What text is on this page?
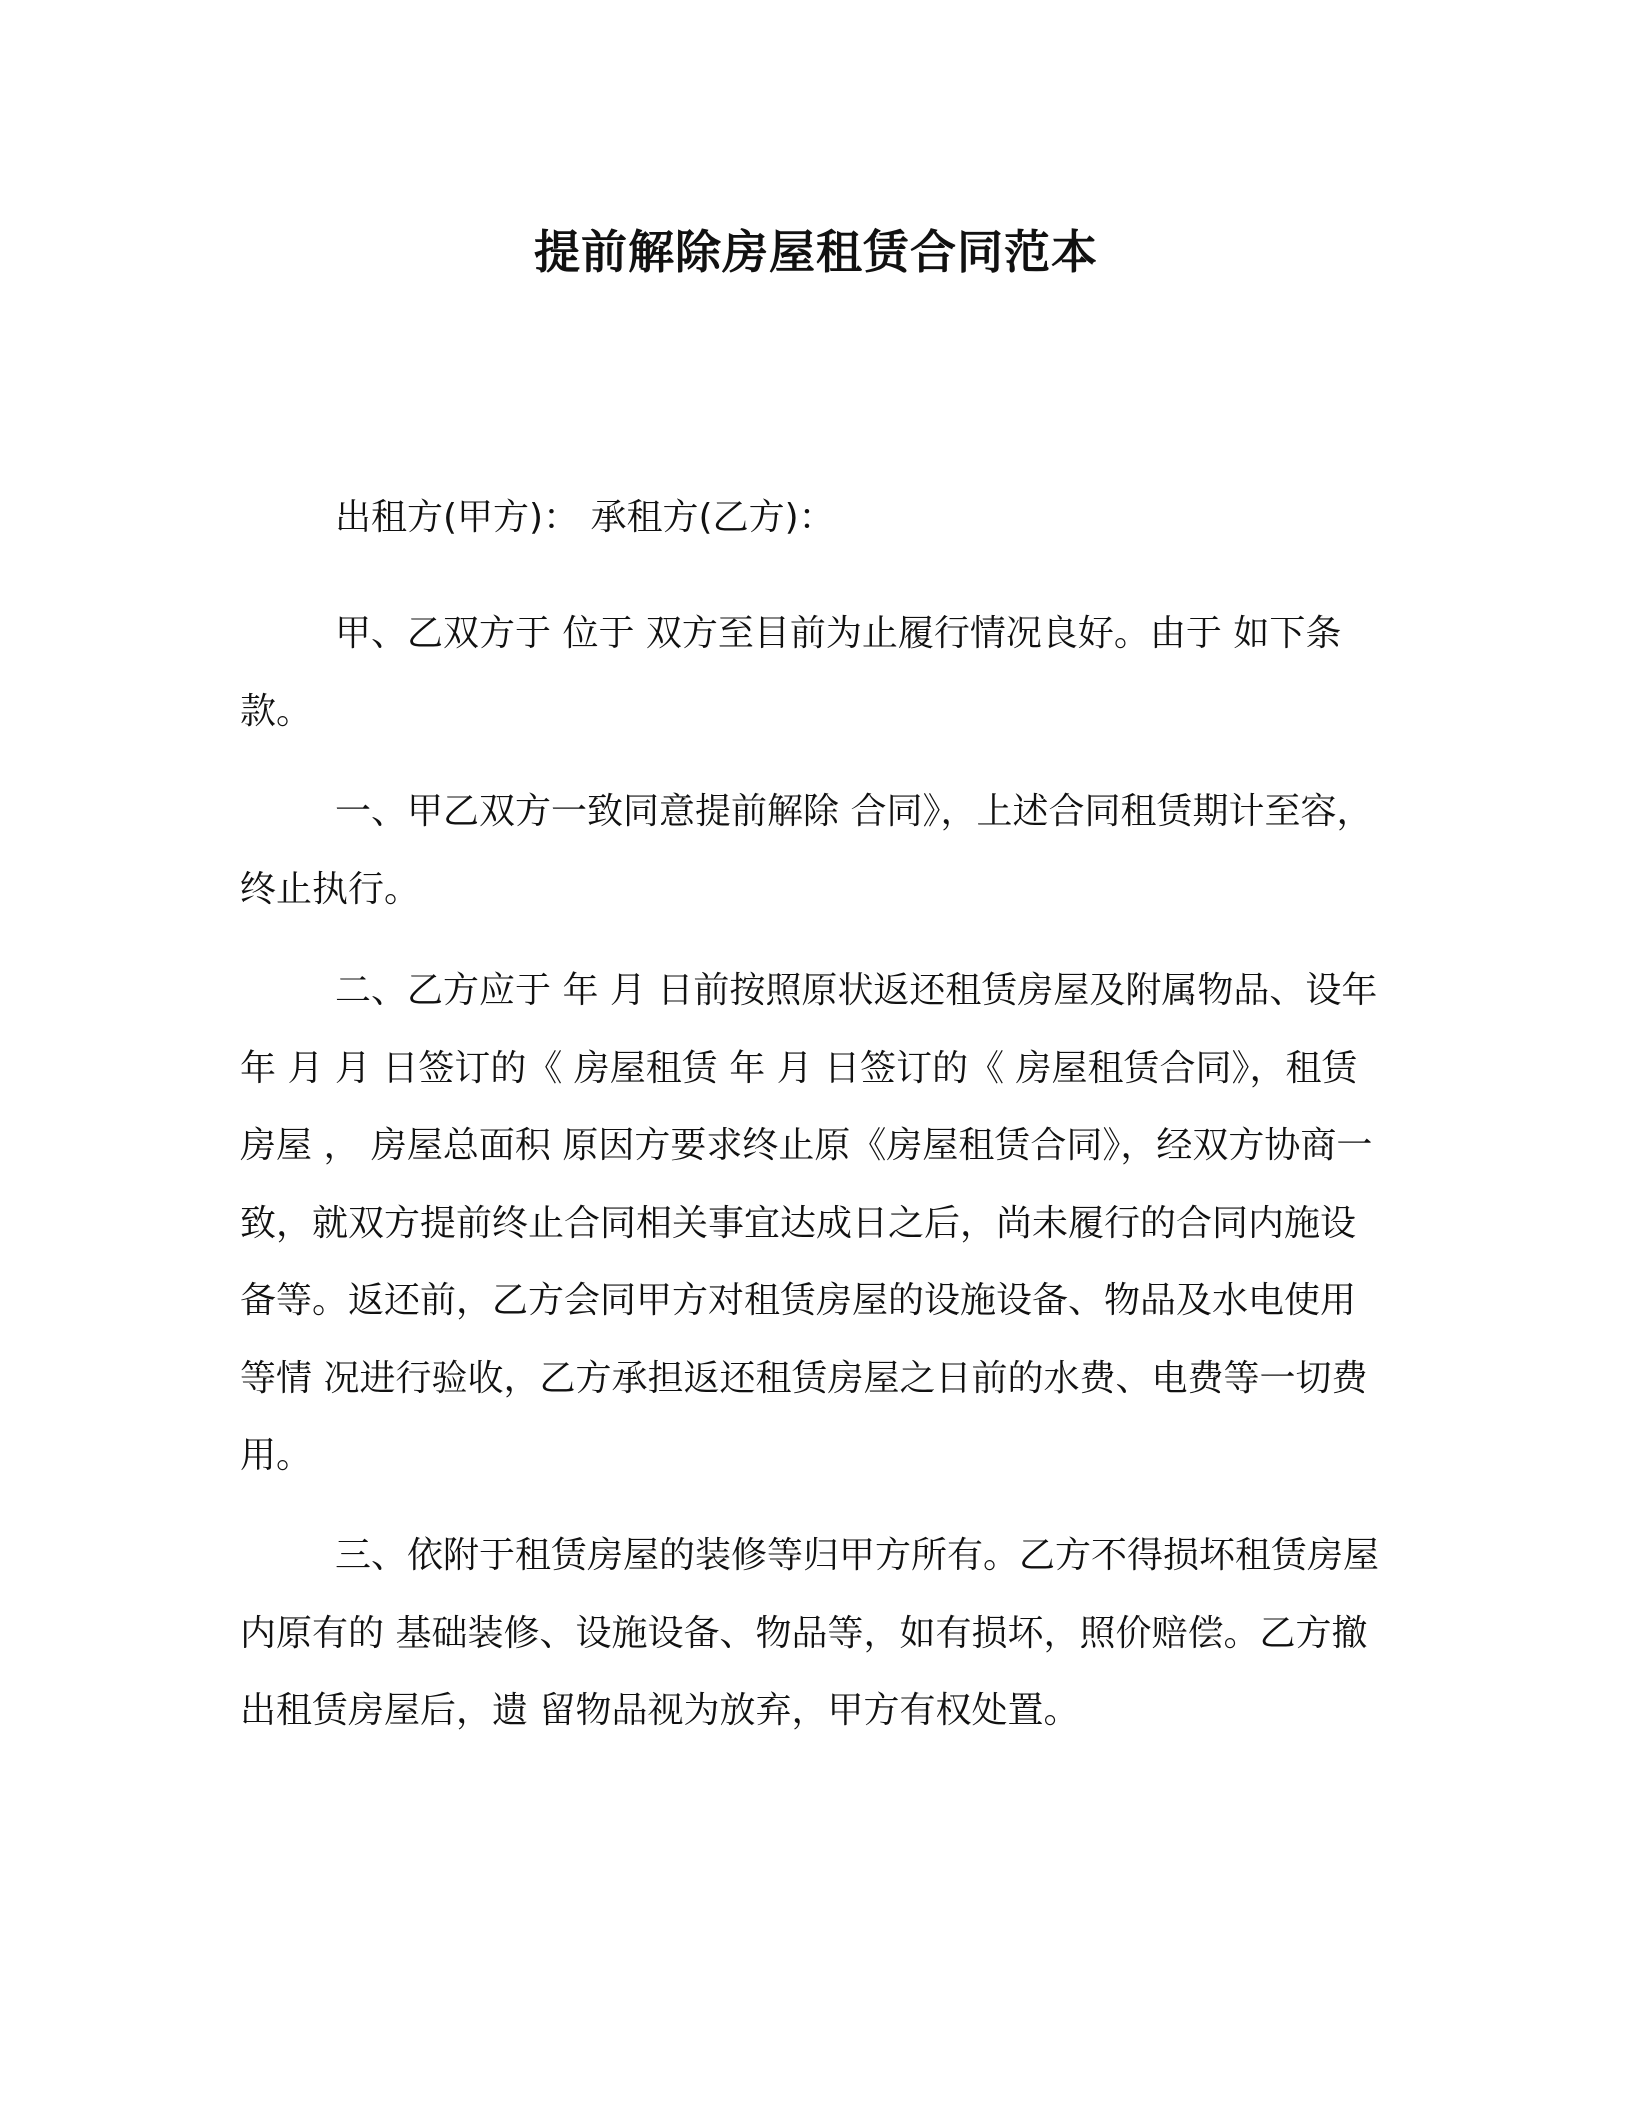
提前解除房屋租赁合同范本

出租方(甲方)： 承租方(乙方)：

甲、乙双方于 位于 双方至目前为止履行情况良好。由于 如下条款。

一、甲乙双方一致同意提前解除 合同》，上述合同租赁期计至容，终止执行。

二、乙方应于 年 月 日前按照原状返还租赁房屋及附属物品、设年 年 月 月 日签订的《 房屋租赁 年 月 日签订的《 房屋租赁合同》，租赁房屋 ， 房屋总面积 原因方要求终止原《房屋租赁合同》，经双方协商一致，就双方提前终止合同相关事宜达成日之后，尚未履行的合同内施设备等。返还前，乙方会同甲方对租赁房屋的设施设备、物品及水电使用等情 况进行验收，乙方承担返还租赁房屋之日前的水费、电费等一切费用。

三、依附于租赁房屋的装修等归甲方所有。乙方不得损坏租赁房屋内原有的 基础装修、设施设备、物品等，如有损坏，照价赔偿。乙方撤出租赁房屋后，遗 留物品视为放弃，甲方有权处置。
